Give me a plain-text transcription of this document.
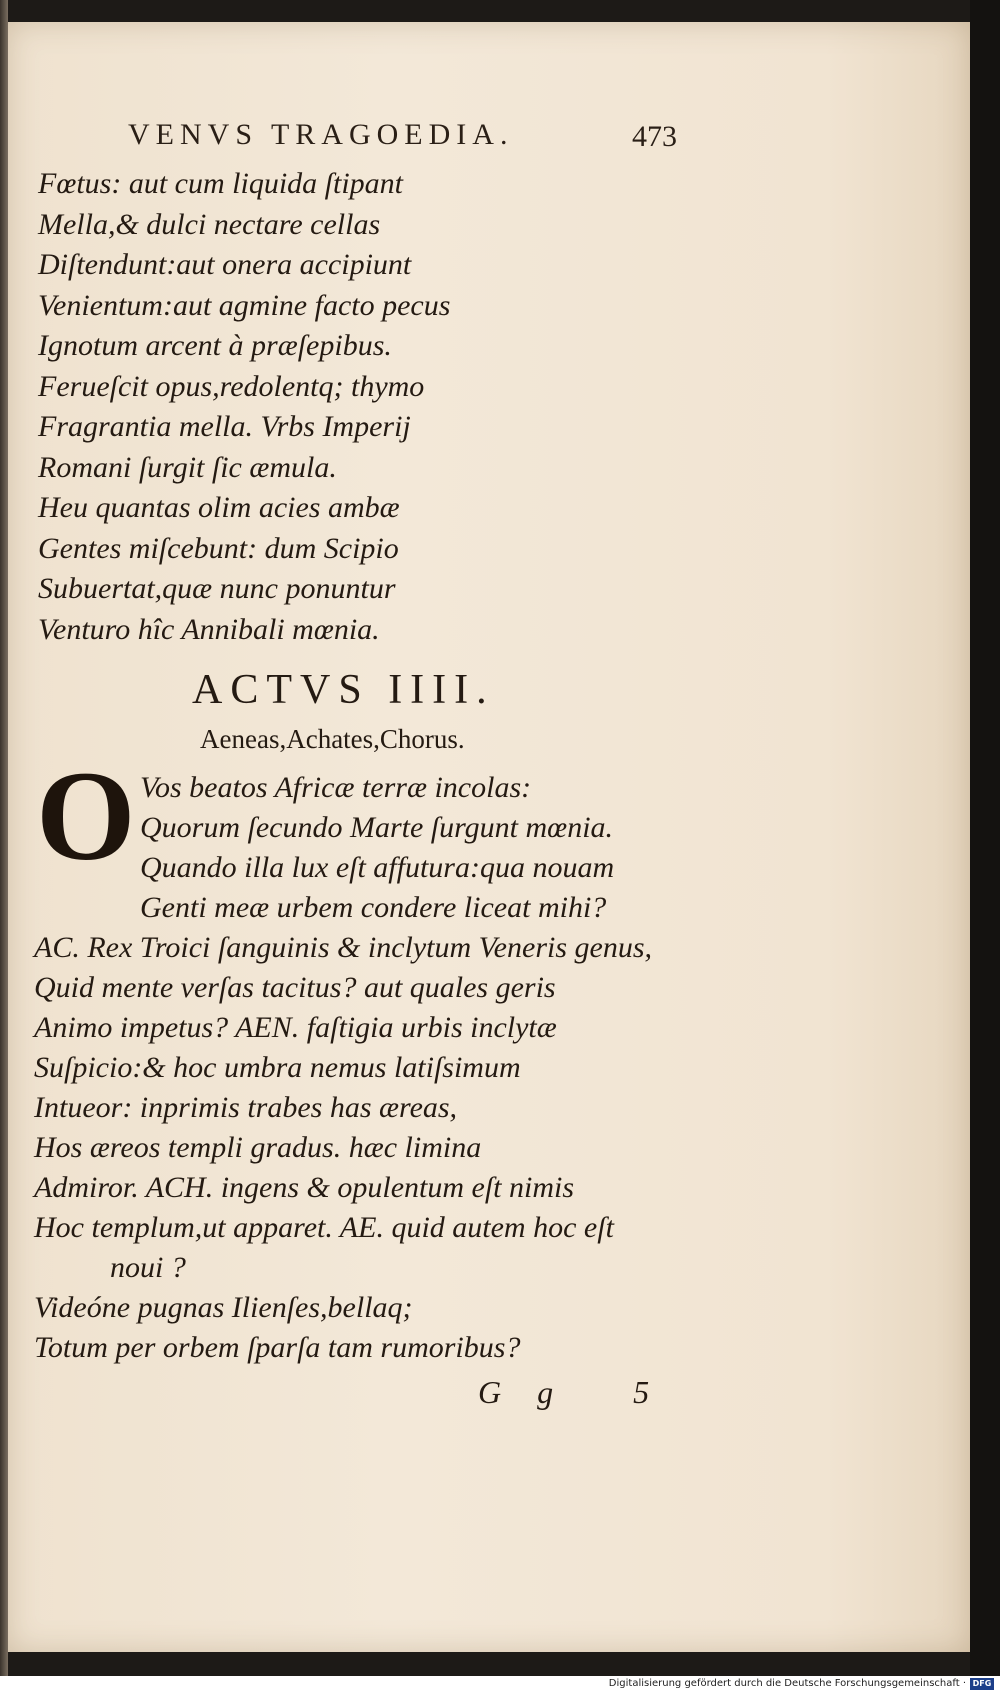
VENVS TRAGOEDIA.	473
Fœtus: aut cum liquida ſtipant
Mella,& dulci nectare cellas
Diſtendunt:aut onera accipiunt
Venientum:aut agmine facto pecus
Ignotum arcent à præſepibus.
Ferueſcit opus,redolentq; thymo
Fragrantia mella. Vrbs Imperij
Romani ſurgit ſic æmula.
Heu quantas olim acies ambæ
Gentes miſcebunt: dum Scipio
Subuertat,quæ nunc ponuntur
Venturo hîc Annibali mœnia.
ACTVS IIII.
Aeneas,Achates,Chorus.
O Vos beatos Africæ terræ incolas:
Quorum ſecundo Marte ſurgunt mœnia.
Quando illa lux eſt affutura:qua nouam
Genti meæ urbem condere liceat mihi?
AC. Rex Troici ſanguinis & inclytum Veneris genus,
Quid mente verſas tacitus? aut quales geris
Animo impetus? AEN. faſtigia urbis inclytæ
Suſpicio:& hoc umbra nemus latiſsimum
Intueor: inprimis trabes has æreas,
Hos æreos templi gradus. hæc limina
Admiror. ACH. ingens & opulentum eſt nimis
Hoc templum,ut apparet. AE. quid autem hoc eſt
noui ?
Videóne pugnas Ilienſes,bellaq;
Totum per orbem ſparſa tam rumoribus?
Gg 5
Digitalisierung gefördert durch die Deutsche Forschungsgemeinschaft · DFG
